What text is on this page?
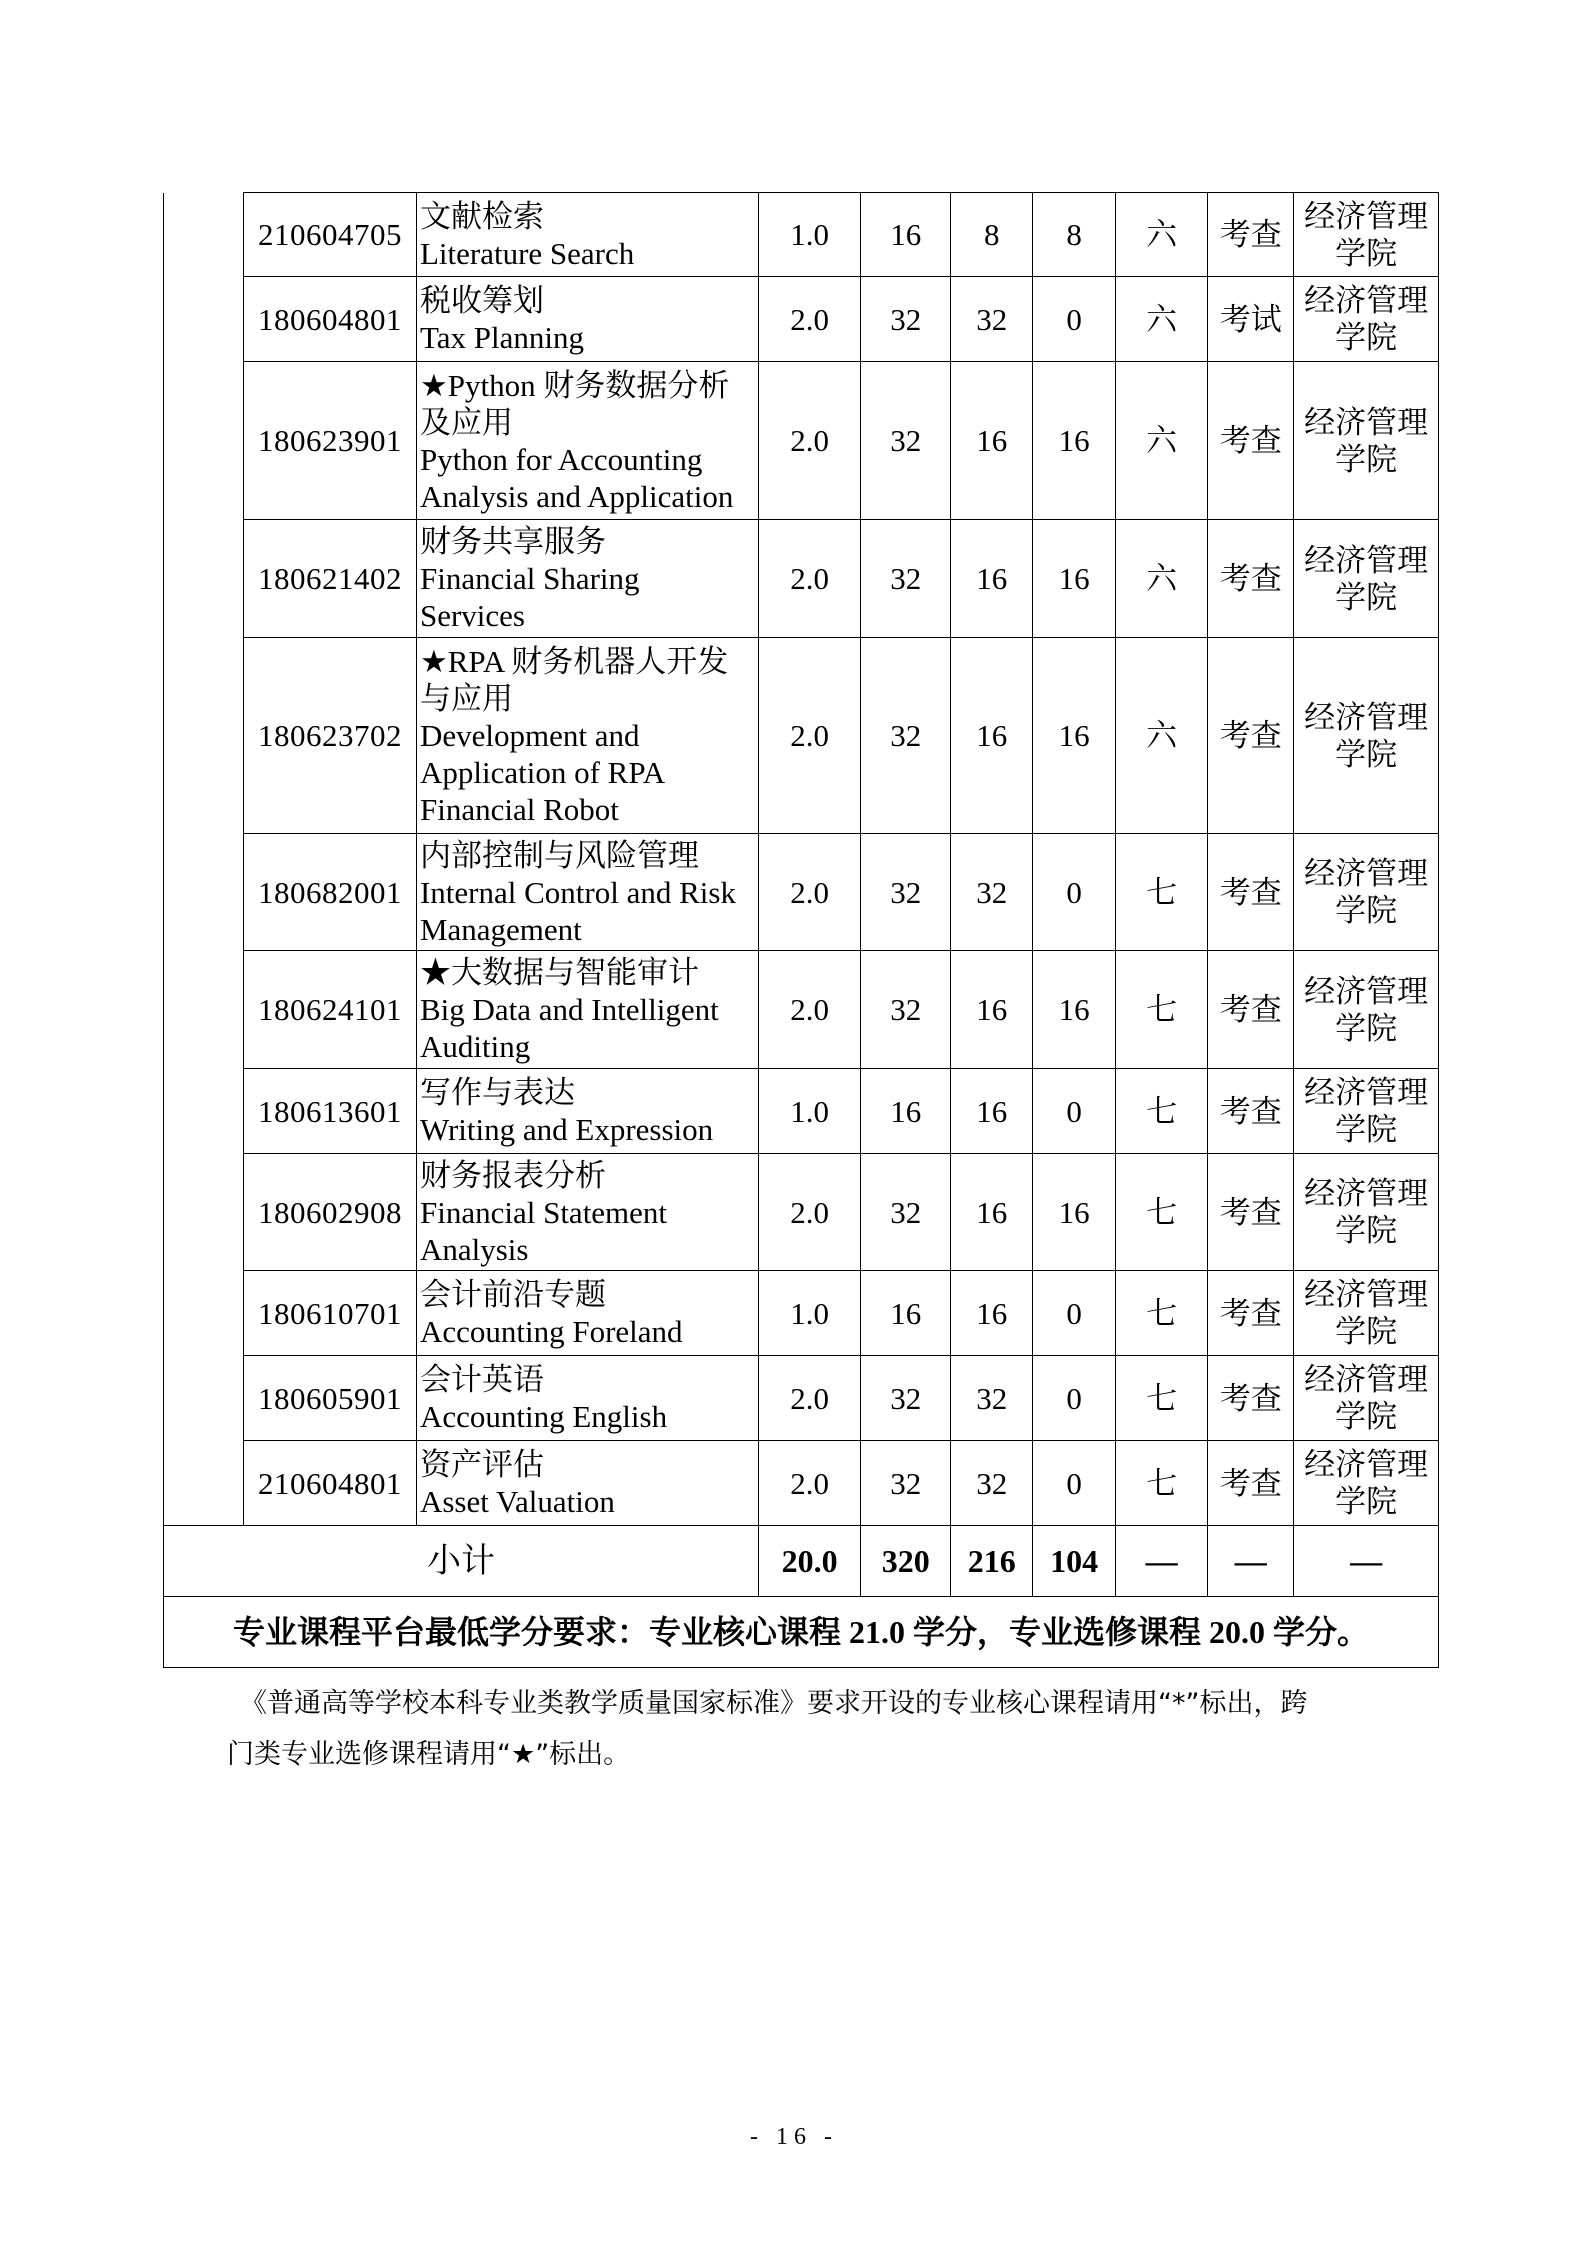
	210604705	文献检索
Literature Search	1.0	16	8	8	六	考查	经济管理
学院

	180604801	税收筹划
Tax Planning	2.0	32	32	0	六	考试	经济管理
学院

	180623901	★Python 财务数据分析
及应用
Python for Accounting
Analysis and Application	2.0	32	16	16	六	考查	经济管理
学院

	180621402	财务共享服务
Financial Sharing
Services	2.0	32	16	16	六	考查	经济管理
学院

	180623702	★RPA 财务机器人开发
与应用
Development and
Application of RPA
Financial Robot	2.0	32	16	16	六	考查	经济管理
学院

	180682001	内部控制与风险管理
Internal Control and Risk
Management	2.0	32	32	0	七	考查	经济管理
学院

	180624101	★大数据与智能审计
Big Data and Intelligent
Auditing	2.0	32	16	16	七	考查	经济管理
学院

	180613601	写作与表达
Writing and Expression	1.0	16	16	0	七	考查	经济管理
学院

	180602908	财务报表分析
Financial Statement
Analysis	2.0	32	16	16	七	考查	经济管理
学院

	180610701	会计前沿专题
Accounting Foreland	1.0	16	16	0	七	考查	经济管理
学院

	180605901	会计英语
Accounting English	2.0	32	32	0	七	考查	经济管理
学院

	210604801	资产评估
Asset Valuation	2.0	32	32	0	七	考查	经济管理
学院

小计			20.0	320	216	104	—	—	—
专业课程平台最低学分要求：专业核心课程 21.0 学分，专业选修课程 20.0 学分。									
《普通高等学校本科专业类教学质量国家标准》要求开设的专业核心课程请用“*”标出，跨
门类专业选修课程请用“★”标出。
- 16 -
